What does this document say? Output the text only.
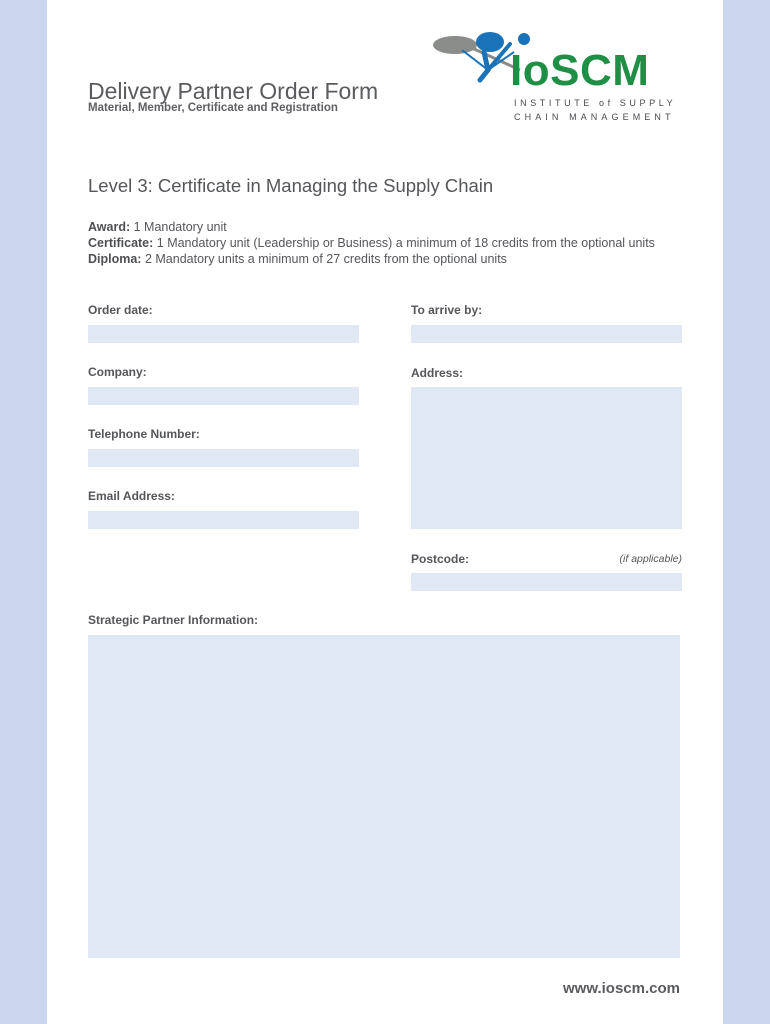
Delivery Partner Order Form
Material, Member, Certificate and Registration
IoSCM
INSTITUTE of SUPPLY
CHAIN MANAGEMENT
Level 3: Certificate in Managing the Supply Chain
Award: 1 Mandatory unit
Certificate: 1 Mandatory unit (Leadership or Business) a minimum of 18 credits from the optional units
Diploma: 2 Mandatory units a minimum of 27 credits from the optional units
Order date:	To arrive by:
Company:	Address:
Telephone Number:
Email Address:
Postcode:	(if applicable)
Strategic Partner Information:
www.ioscm.com
